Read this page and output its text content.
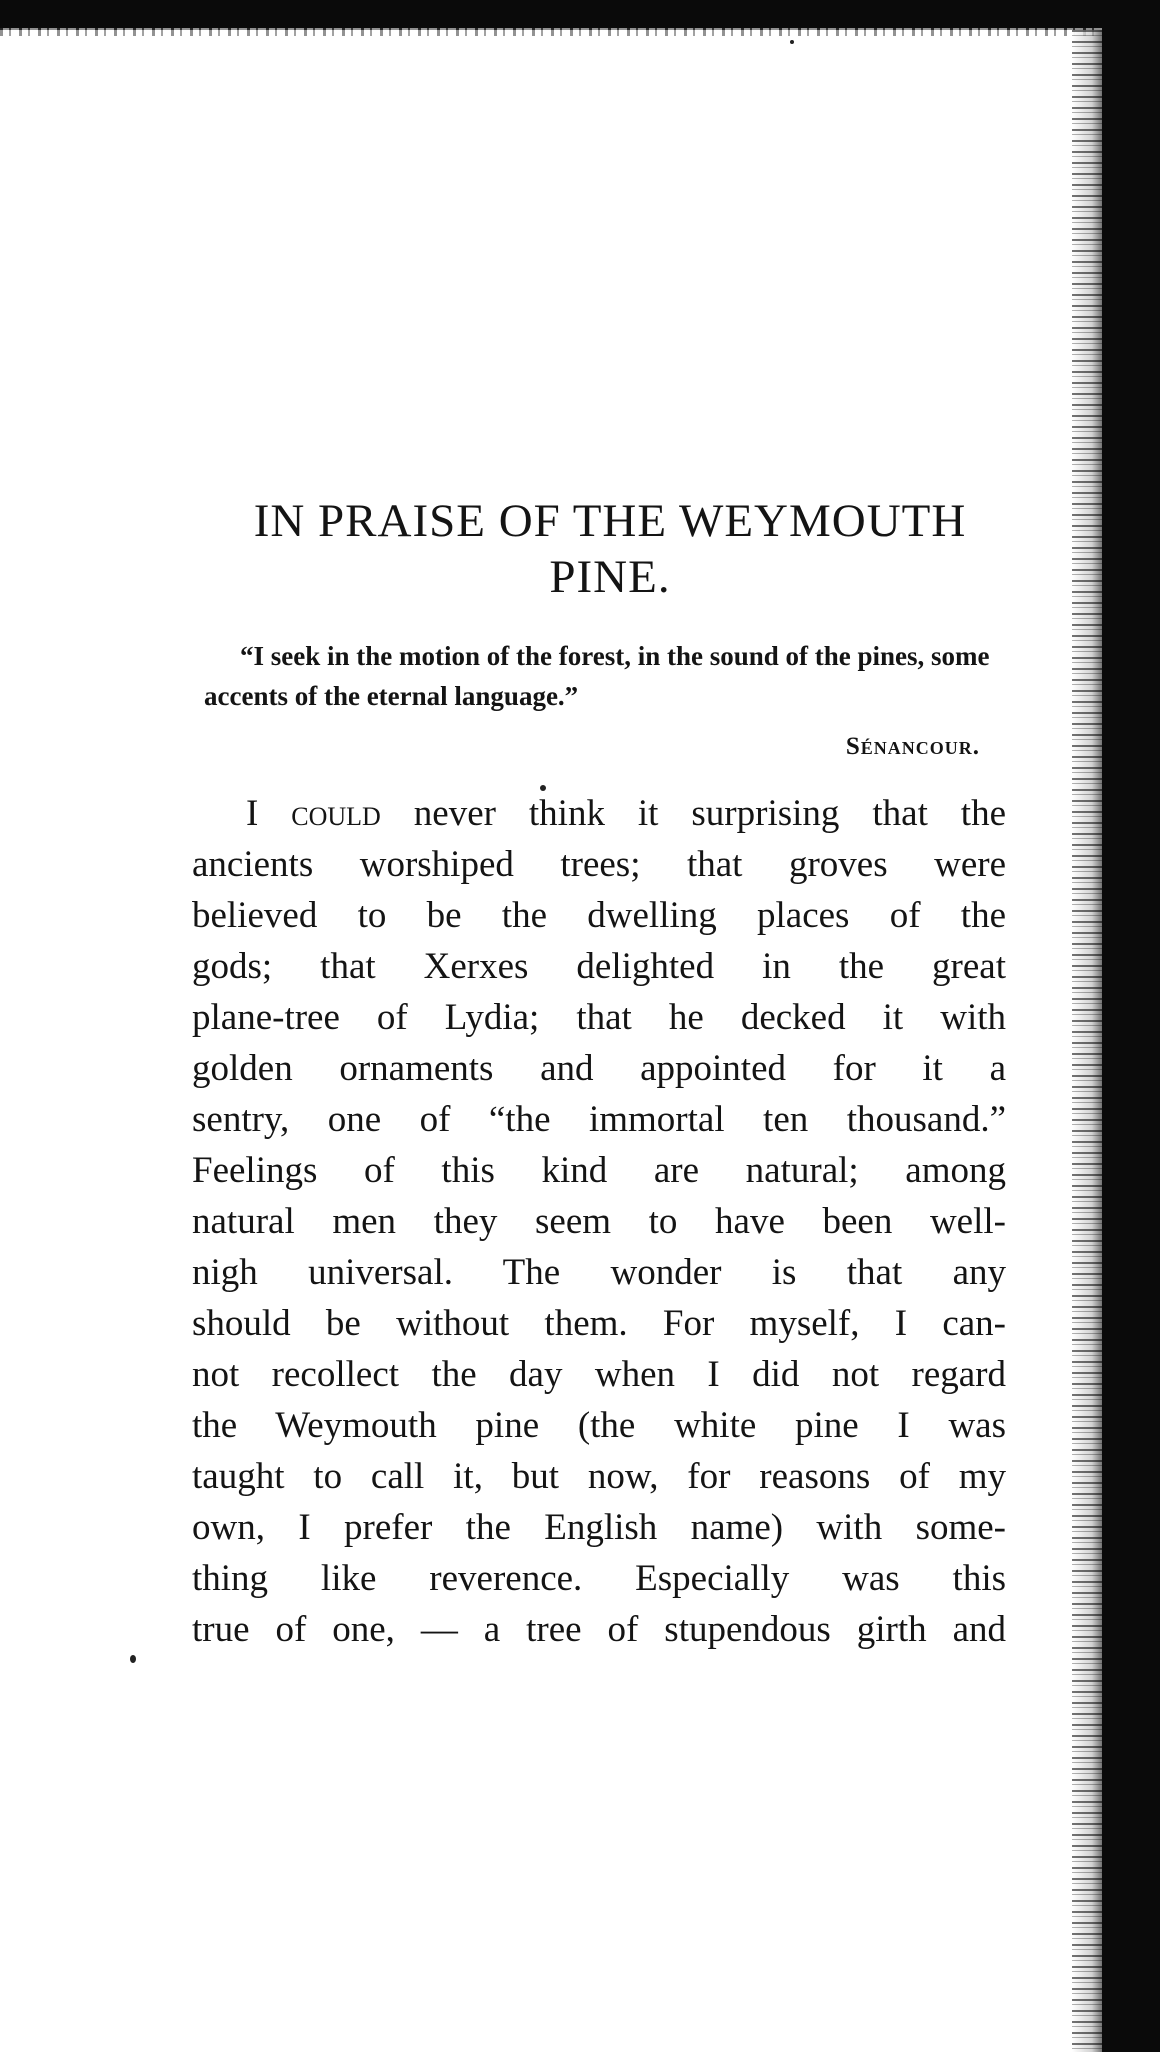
IN PRAISE OF THE WEYMOUTH
PINE.

“I seek in the motion of the forest, in the sound of the pines, some accents of the eternal language.”

Sénancour.
I could never think it surprising that the
ancients worshiped trees; that groves were
believed to be the dwelling places of the
gods; that Xerxes delighted in the great
plane-tree of Lydia; that he decked it with
golden ornaments and appointed for it a
sentry, one of “the immortal ten thousand.”
Feelings of this kind are natural; among
natural men they seem to have been well-
nigh universal. The wonder is that any
should be without them. For myself, I can-
not recollect the day when I did not regard
the Weymouth pine (the white pine I was
taught to call it, but now, for reasons of my
own, I prefer the English name) with some-
thing like reverence. Especially was this
true of one, — a tree of stupendous girth and
